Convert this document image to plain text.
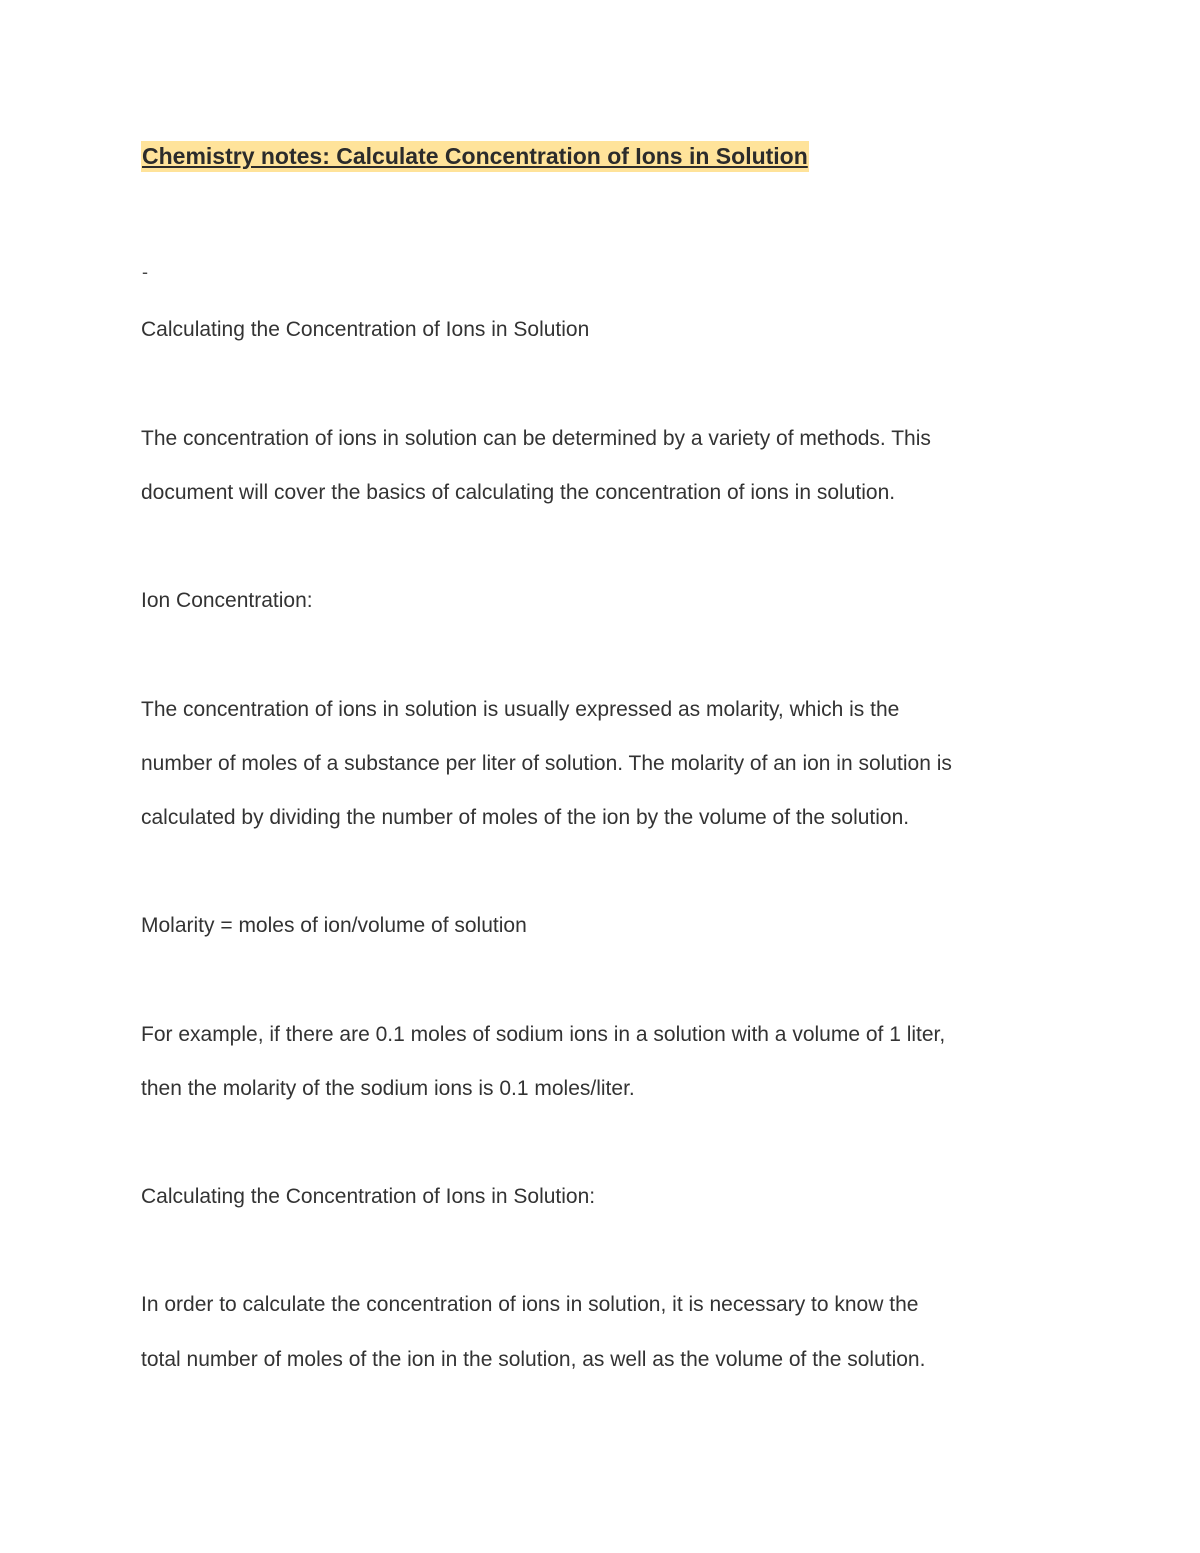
Chemistry notes: Calculate Concentration of Ions in Solution
-
Calculating the Concentration of Ions in Solution
The concentration of ions in solution can be determined by a variety of methods. This
document will cover the basics of calculating the concentration of ions in solution.
Ion Concentration:
The concentration of ions in solution is usually expressed as molarity, which is the
number of moles of a substance per liter of solution. The molarity of an ion in solution is
calculated by dividing the number of moles of the ion by the volume of the solution.
Molarity = moles of ion/volume of solution
For example, if there are 0.1 moles of sodium ions in a solution with a volume of 1 liter,
then the molarity of the sodium ions is 0.1 moles/liter.
Calculating the Concentration of Ions in Solution:
In order to calculate the concentration of ions in solution, it is necessary to know the
total number of moles of the ion in the solution, as well as the volume of the solution.
